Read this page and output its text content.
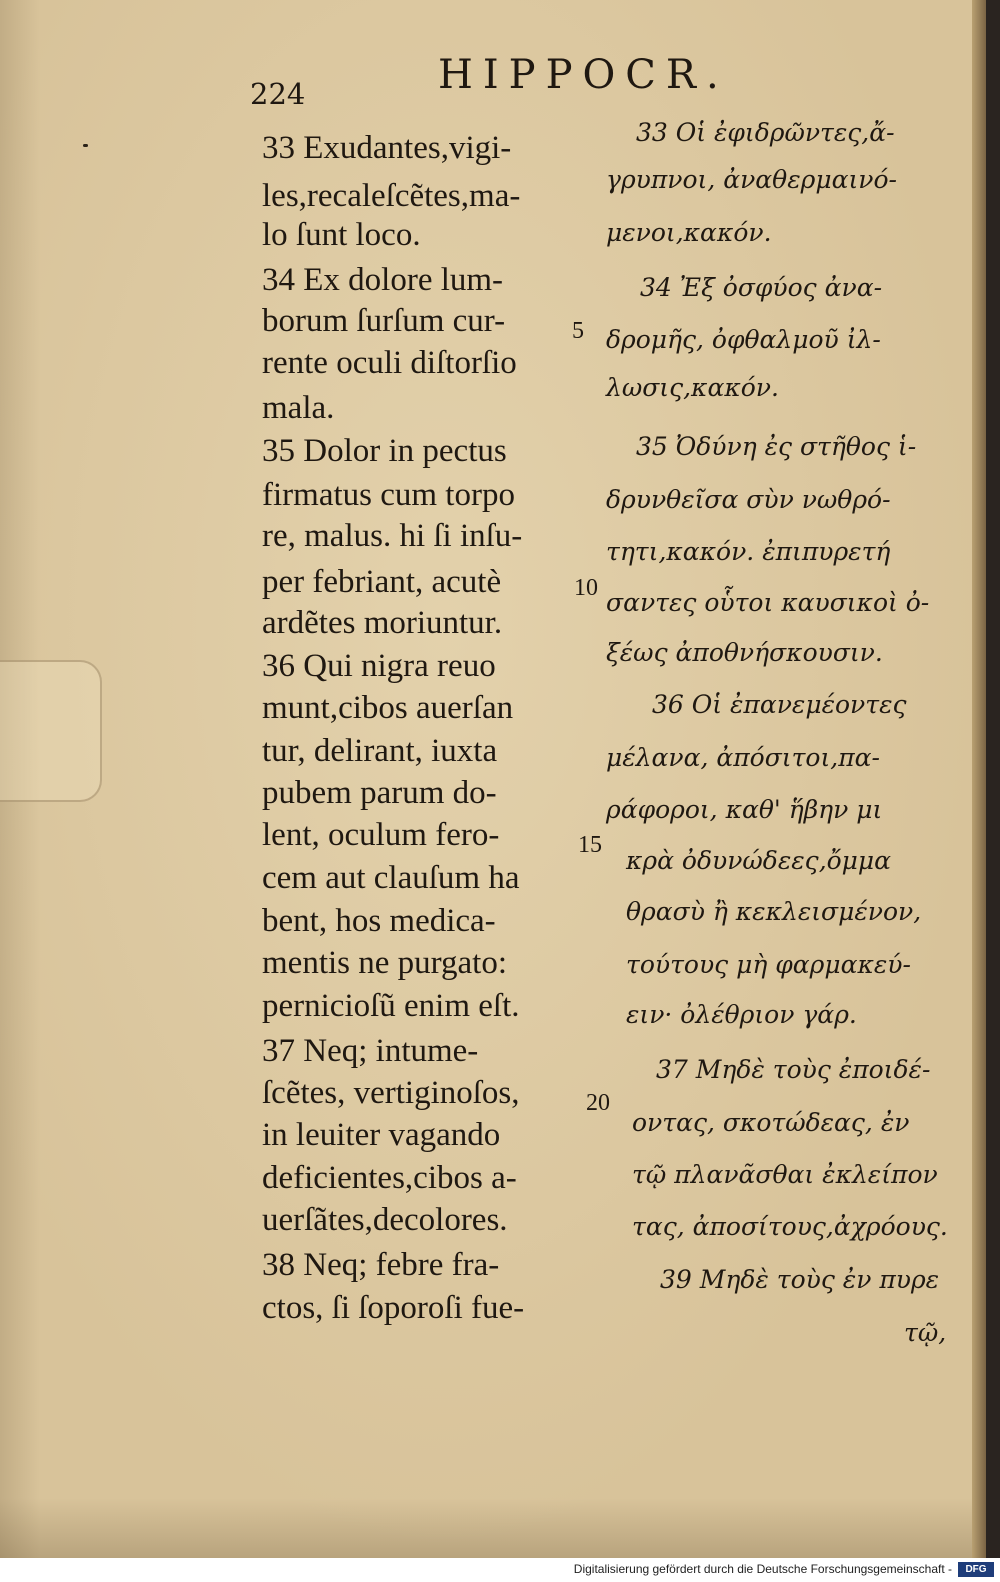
224	HIPPOCR.
33 Exudantes,vigi-
les,recaleſcẽtes,ma-
lo ſunt loco.
34 Ex dolore lum-
borum ſurſum cur-
rente oculi diſtorſio
mala.
35 Dolor in pectus
firmatus cum torpo
re, malus. hi ſi inſu-
per febriant, acutè
ardẽtes moriuntur.
36 Qui nigra reuo
munt,cibos auerſan
tur, delirant, iuxta
pubem parum do-
lent, oculum fero-
cem aut clauſum ha
bent, hos medica-
mentis ne purgato:
pernicioſũ enim eſt.
37 Neq; intume-
ſcẽtes, vertiginoſos,
in leuiter vagando
deficientes,cibos a-
uerſãtes,decolores.
38 Neq; febre fra-
ctos, ſi ſoporoſi fue-
5
10
15
20
33 Οἱ ἐφιδρῶντες,ἄ-
γρυπνοι, ἀναθερμαινό-
μενοι,κακόν.
34 Ἐξ ὀσφύος ἀνα-
δρομῆς, ὀφθαλμοῦ ἰλ-
λωσις,κακόν.
35 Ὀδύνη ἐς στῆθος ἱ-
δρυνθεῖσα σὺν νωθρό-
τητι,κακόν. ἐπιπυρετή
σαντες οὗτοι καυσικοὶ ὀ-
ξέως ἀποθνήσκουσιν.
36 Οἱ ἐπανεμέοντες
μέλανα, ἀπόσιτοι,πα-
ράφοροι, καθ' ἥβην μι
κρὰ ὀδυνώδεες,ὄμμα
θρασὺ ἢ κεκλεισμένον,
τούτους μὴ φαρμακεύ-
ειν· ὀλέθριον γάρ.
37 Μηδὲ τοὺς ἐποιδέ-
οντας, σκοτώδεας, ἐν
τῷ πλανᾶσθαι ἐκλείπον
τας, ἀποσίτους,ἀχρόους.
39 Μηδὲ τοὺς ἐν πυρε
τῷ,
Digitalisierung gefördert durch die Deutsche Forschungsgemeinschaft -	DFG
